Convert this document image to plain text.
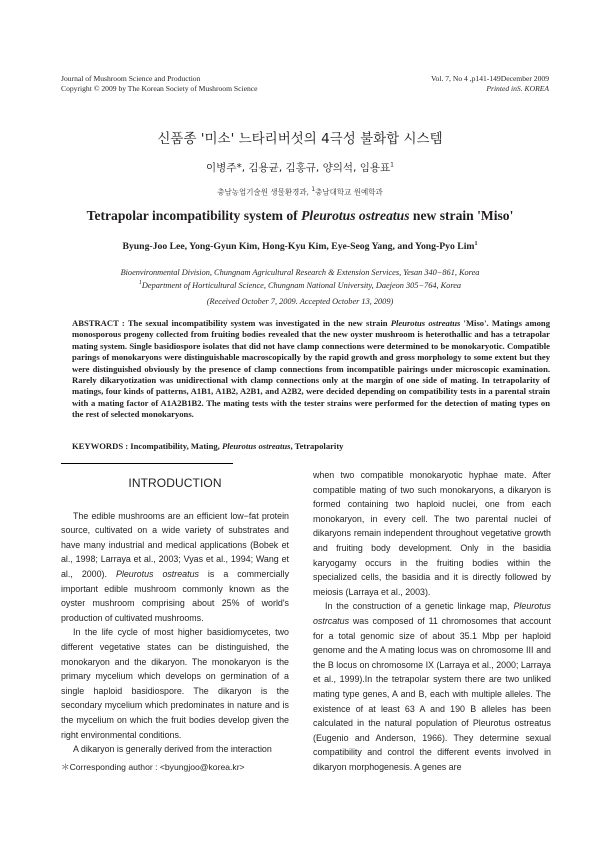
Journal of Mushroom Science and Production
Copyright © 2009 by The Korean Society of Mushroom Science
Vol. 7, No 4 ,p141-149December 2009
Printed inS. KOREA
신품종 '미소' 느타리버섯의 4극성 불화합 시스템
이병주*, 김용균, 김홍규, 양의석, 임용표$^1$
충남농업기술원 생물환경과, $^1$충남대학교 원예학과
Tetrapolar incompatibility system of Pleurotus ostreatus new strain 'Miso'
Byung-Joo Lee, Yong-Gyun Kim, Hong-Kyu Kim, Eye-Seog Yang, and Yong-Pyo Lim$^1$
Bioenvironmental Division, Chungnam Agricultural Research & Extension Services, Yesan 340−861, Korea
$^1$Department of Horticultural Science, Chungnam National University, Daejeon 305−764, Korea
(Received October 7, 2009. Accepted October 13, 2009)
ABSTRACT : The sexual incompatibility system was investigated in the new strain Pleurotus ostreatus 'Miso'. Matings among monosporous progeny collected from fruiting bodies revealed that the new oyster mushroom is heterothallic and has a tetrapolar mating system. Single basidiospore isolates that did not have clamp connections were determined to be monokaryotic. Compatible parings of monokaryons were distinguishable macroscopically by the rapid growth and gross morphology to some extent but they were distinguished obviously by the presence of clamp connections from incompatible pairings under microscopic examination. Rarely dikaryotization was unidirectional with clamp connections only at the margin of one side of mating. In tetrapolarity of matings, four kinds of patterns, A1B1, A1B2, A2B1, and A2B2, were decided depending on compatibility tests in a parental strain with a mating factor of A1A2B1B2. The mating tests with the tester strains were performed for the detection of mating types on the rest of selected monokaryons.
KEYWORDS : Incompatibility, Mating, Pleurotus ostreatus, Tetrapolarity
INTRODUCTION

The edible mushrooms are an efficient low−fat protein source, cultivated on a wide variety of substrates and have many industrial and medical applications (Bobek et al., 1998; Larraya et al., 2003; Vyas et al., 1994; Wang et al., 2000). Pleurotus ostreatus is a commercially important edible mushroom commonly known as the oyster mushroom comprising about 25% of world's production of cultivated mushrooms.

In the life cycle of most higher basidiomycetes, two different vegetative states can be distinguished, the monokaryon and the dikaryon. The monokaryon is the primary mycelium which develops on germination of a single haploid basidiospore. The dikaryon is the secondary mycelium which predominates in nature and is the mycelium on which the fruit bodies develop given the right environmental conditions.

A dikaryon is generally derived from the interaction

when two compatible monokaryotic hyphae mate. After compatible mating of two such monokaryons, a dikaryon is formed containing two haploid nuclei, one from each monokaryon, in every cell. The two parental nuclei of dikaryons remain independent throughout vegetative growth and fruiting body development. Only in the basidia karyogamy occurs in the fruiting bodies within the specialized cells, the basidia and it is directly followed by meiosis (Larraya et al., 2003).

In the construction of a genetic linkage map, Pleurotus ostrcatus was composed of 11 chromosomes that account for a total genomic size of about 35.1 Mbp per haploid genome and the A mating locus was on chromosome III and the B locus on chromosome IX (Larraya et al., 2000; Larraya et al., 1999).In the tetrapolar system there are two unliked mating type genes, A and B, each with multiple alleles. The existence of at least 63 A and 190 B alleles has been calculated in the natural population of Pleurotus ostreatus (Eugenio and Anderson, 1966). They determine sexual compatibility and control the different events involved in dikaryon morphogenesis. A genes are

＊Corresponding author : <byungjoo@korea.kr>
